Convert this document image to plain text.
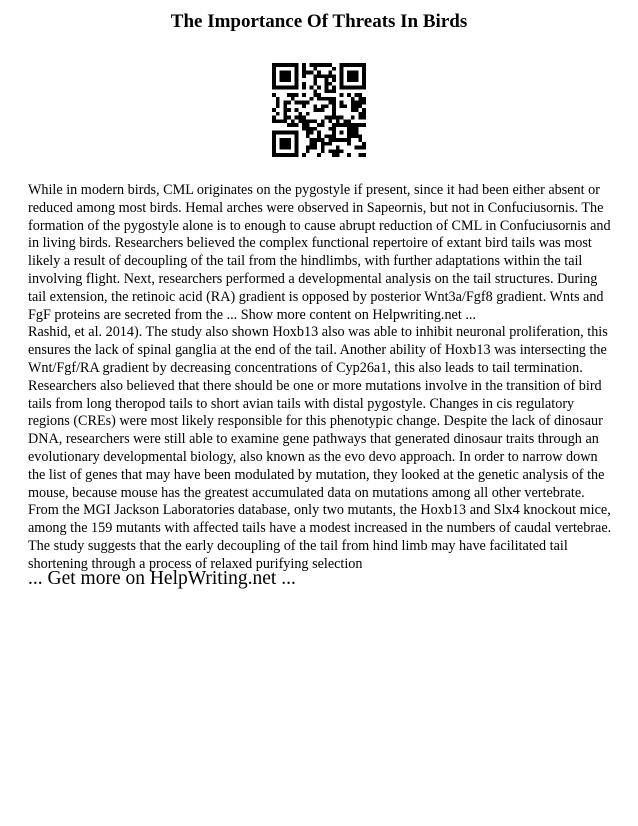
The Importance Of Threats In Birds

While in modern birds, CML originates on the pygostyle if present, since it had been either absent or reduced among most birds. Hemal arches were observed in Sapeornis, but not in Confuciusornis. The formation of the pygostyle alone is to enough to cause abrupt reduction of CML in Confuciusornis and in living birds. Researchers believed the complex functional repertoire of extant bird tails was most likely a result of decoupling of the tail from the hindlimbs, with further adaptations within the tail involving flight. Next, researchers performed a developmental analysis on the tail structures. During tail extension, the retinoic acid (RA) gradient is opposed by posterior Wnt3a/Fgf8 gradient. Wnts and FgF proteins are secreted from the ... Show more content on Helpwriting.net ...

Rashid, et al. 2014). The study also shown Hoxb13 also was able to inhibit neuronal proliferation, this ensures the lack of spinal ganglia at the end of the tail. Another ability of Hoxb13 was intersecting the Wnt/Fgf/RA gradient by decreasing concentrations of Cyp26a1, this also leads to tail termination. Researchers also believed that there should be one or more mutations involve in the transition of bird tails from long theropod tails to short avian tails with distal pygostyle. Changes in cis regulatory regions (CREs) were most likely responsible for this phenotypic change. Despite the lack of dinosaur DNA, researchers were still able to examine gene pathways that generated dinosaur traits through an evolutionary developmental biology, also known as the evo devo approach. In order to narrow down the list of genes that may have been modulated by mutation, they looked at the genetic analysis of the mouse, because mouse has the greatest accumulated data on mutations among all other vertebrate. From the MGI Jackson Laboratories database, only two mutants, the Hoxb13 and Slx4 knockout mice, among the 159 mutants with affected tails have a modest increased in the numbers of caudal vertebrae. The study suggests that the early decoupling of the tail from hind limb may have facilitated tail shortening through a process of relaxed purifying selection

... Get more on HelpWriting.net ...
